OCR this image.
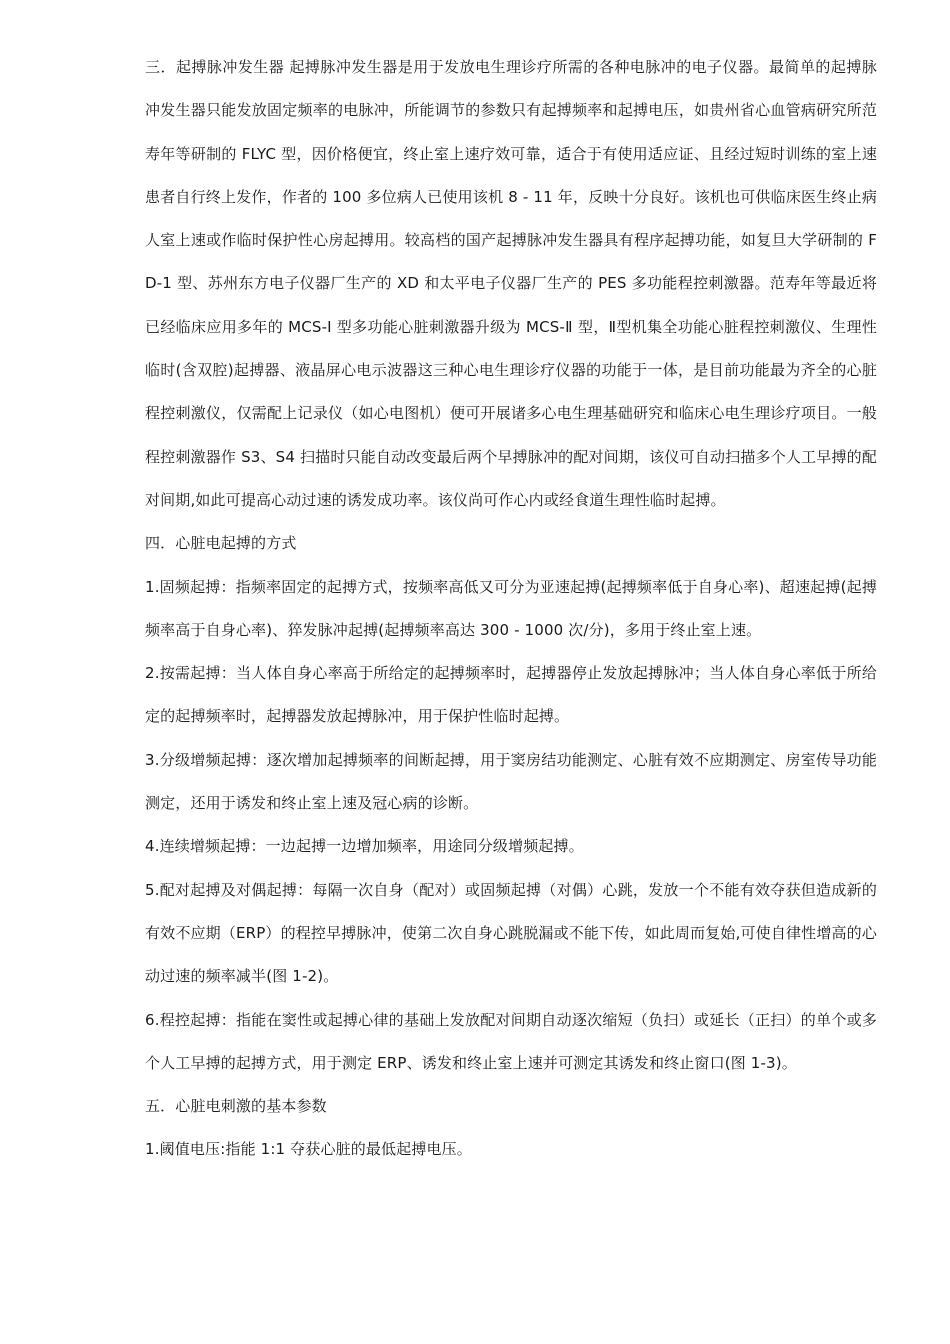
三．起搏脉冲发生器 起搏脉冲发生器是用于发放电生理诊疗所需的各种电脉冲的电子仪器。最简单的起搏脉冲发生器只能发放固定频率的电脉冲，所能调节的参数只有起搏频率和起搏电压，如贵州省心血管病研究所范寿年等研制的 FLYC 型，因价格便宜，终止室上速疗效可靠，适合于有使用适应证、且经过短时训练的室上速患者自行终上发作，作者的 100 多位病人已使用该机 8 - 11 年，反映十分良好。该机也可供临床医生终止病人室上速或作临时保护性心房起搏用。较高档的国产起搏脉冲发生器具有程序起搏功能，如复旦大学研制的 FD-1 型、苏州东方电子仪器厂生产的 XD 和太平电子仪器厂生产的 PES 多功能程控刺激器。范寿年等最近将已经临床应用多年的 MCS-I 型多功能心脏刺激器升级为 MCS-Ⅱ 型，Ⅱ型机集全功能心脏程控刺激仪、生理性临时(含双腔)起搏器、液晶屏心电示波器这三种心电生理诊疗仪器的功能于一体，是目前功能最为齐全的心脏程控刺激仪，仅需配上记录仪（如心电图机）便可开展诸多心电生理基础研究和临床心电生理诊疗项目。一般程控刺激器作 S3、S4 扫描时只能自动改变最后两个早搏脉冲的配对间期，该仪可自动扫描多个人工早搏的配对间期,如此可提高心动过速的诱发成功率。该仪尚可作心内或经食道生理性临时起搏。

四．心脏电起搏的方式

1.固频起搏：指频率固定的起搏方式，按频率高低又可分为亚速起搏(起搏频率低于自身心率)、超速起搏(起搏频率高于自身心率)、猝发脉冲起搏(起搏频率高达 300 - 1000 次/分)，多用于终止室上速。

2.按需起搏：当人体自身心率高于所给定的起搏频率时，起搏器停止发放起搏脉冲；当人体自身心率低于所给定的起搏频率时，起搏器发放起搏脉冲，用于保护性临时起搏。

3.分级增频起搏：逐次增加起搏频率的间断起搏，用于窦房结功能测定、心脏有效不应期测定、房室传导功能测定，还用于诱发和终止室上速及冠心病的诊断。

4.连续增频起搏：一边起搏一边增加频率，用途同分级增频起搏。

5.配对起搏及对偶起搏：每隔一次自身（配对）或固频起搏（对偶）心跳，发放一个不能有效夺获但造成新的有效不应期（ERP）的程控早搏脉冲，使第二次自身心跳脱漏或不能下传，如此周而复始,可使自律性增高的心动过速的频率减半(图 1-2)。

6.程控起搏：指能在窦性或起搏心律的基础上发放配对间期自动逐次缩短（负扫）或延长（正扫）的单个或多个人工早搏的起搏方式，用于测定 ERP、诱发和终止室上速并可测定其诱发和终止窗口(图 1-3)。

五．心脏电刺激的基本参数

1.阈值电压:指能 1:1 夺获心脏的最低起搏电压。
